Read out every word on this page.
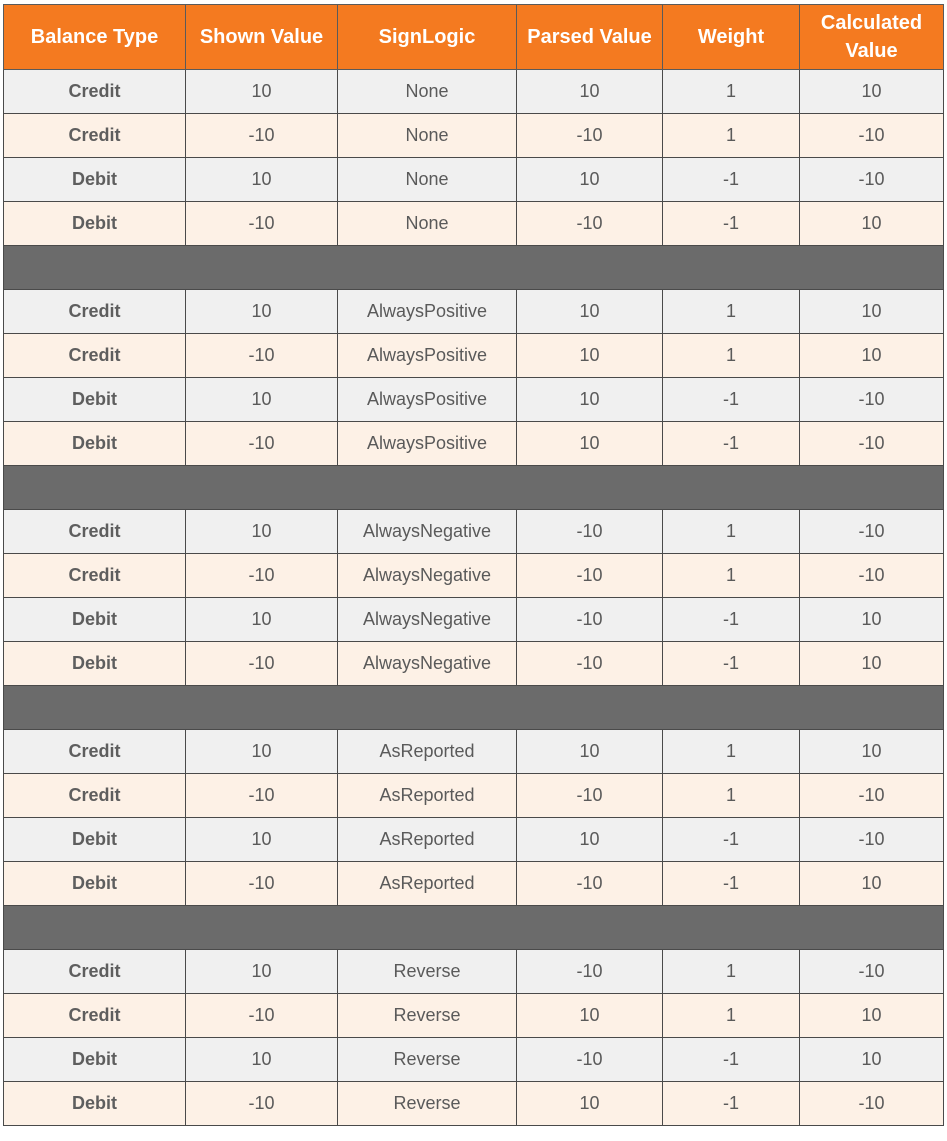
Balance Type	Shown Value	SignLogic	Parsed Value	Weight	Calculated Value
Credit	10	None	10	1	10
Credit	-10	None	-10	1	-10
Debit	10	None	10	-1	-10
Debit	-10	None	-10	-1	10

Credit	10	AlwaysPositive	10	1	10
Credit	-10	AlwaysPositive	10	1	10
Debit	10	AlwaysPositive	10	-1	-10
Debit	-10	AlwaysPositive	10	-1	-10

Credit	10	AlwaysNegative	-10	1	-10
Credit	-10	AlwaysNegative	-10	1	-10
Debit	10	AlwaysNegative	-10	-1	10
Debit	-10	AlwaysNegative	-10	-1	10

Credit	10	AsReported	10	1	10
Credit	-10	AsReported	-10	1	-10
Debit	10	AsReported	10	-1	-10
Debit	-10	AsReported	-10	-1	10

Credit	10	Reverse	-10	1	-10
Credit	-10	Reverse	10	1	10
Debit	10	Reverse	-10	-1	10
Debit	-10	Reverse	10	-1	-10
